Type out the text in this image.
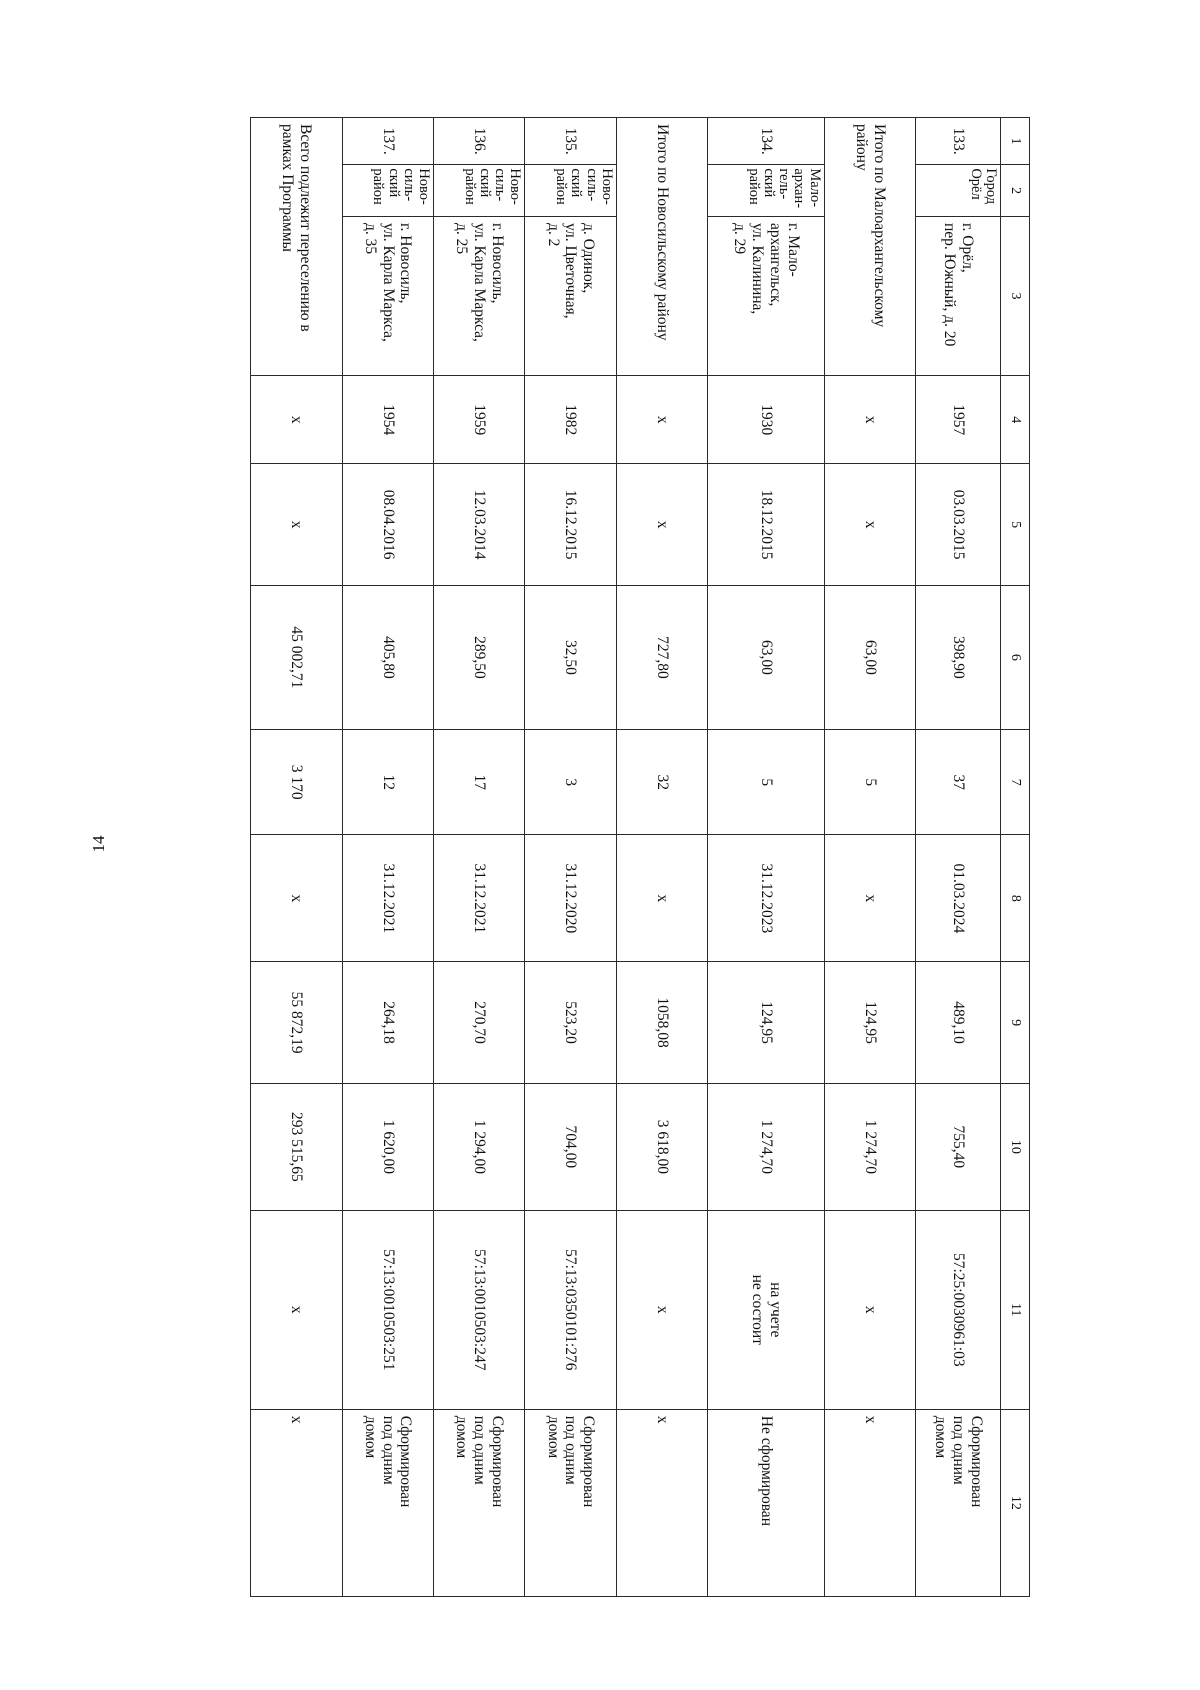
14
1	2	3	4	5	6	7	8	9	10	11	12
133.	Город
Орёл	г. Орёл,
пер. Южный, д. 20	1957	03.03.2015	398,90	37	01.03.2024	489,10	755,40	57:25:0030961:03	Сформирован
под одним
домом
Итого по Малоархангельскому району			x	x	63,00	5	x	124,95	1 274,70	x	x
134.	Мало-
архан-
гель-
ский
район	г. Мало-
архангельск,
ул. Калинина,
д. 29	1930	18.12.2015	63,00	5	31.12.2023	124,95	1 274,70	на учете
не состоит	Не сформирован
Итого по Новосильскому району			x	x	727,80	32	x	1058,08	3 618,00	x	x
135.	Ново-
силь-
ский
район	д. Одинок,
ул. Цветочная,
д. 2	1982	16.12.2015	32,50	3	31.12.2020	523,20	704,00	57:13:0350101:276	Сформирован
под одним
домом
136.	Ново-
силь-
ский
район	г. Новосиль,
ул. Карла Маркса,
д. 25	1959	12.03.2014	289,50	17	31.12.2021	270,70	1 294,00	57:13:0010503:247	Сформирован
под одним
домом
137.	Ново-
силь-
ский
район	г. Новосиль,
ул. Карла Маркса,
д. 35	1954	08.04.2016	405,80	12	31.12.2021	264,18	1 620,00	57:13:0010503:251	Сформирован
под одним
домом
Всего подлежит переселению в рамках Программы			x	x	45 002,71	3 170	x	55 872,19	293 515,65	x	x
